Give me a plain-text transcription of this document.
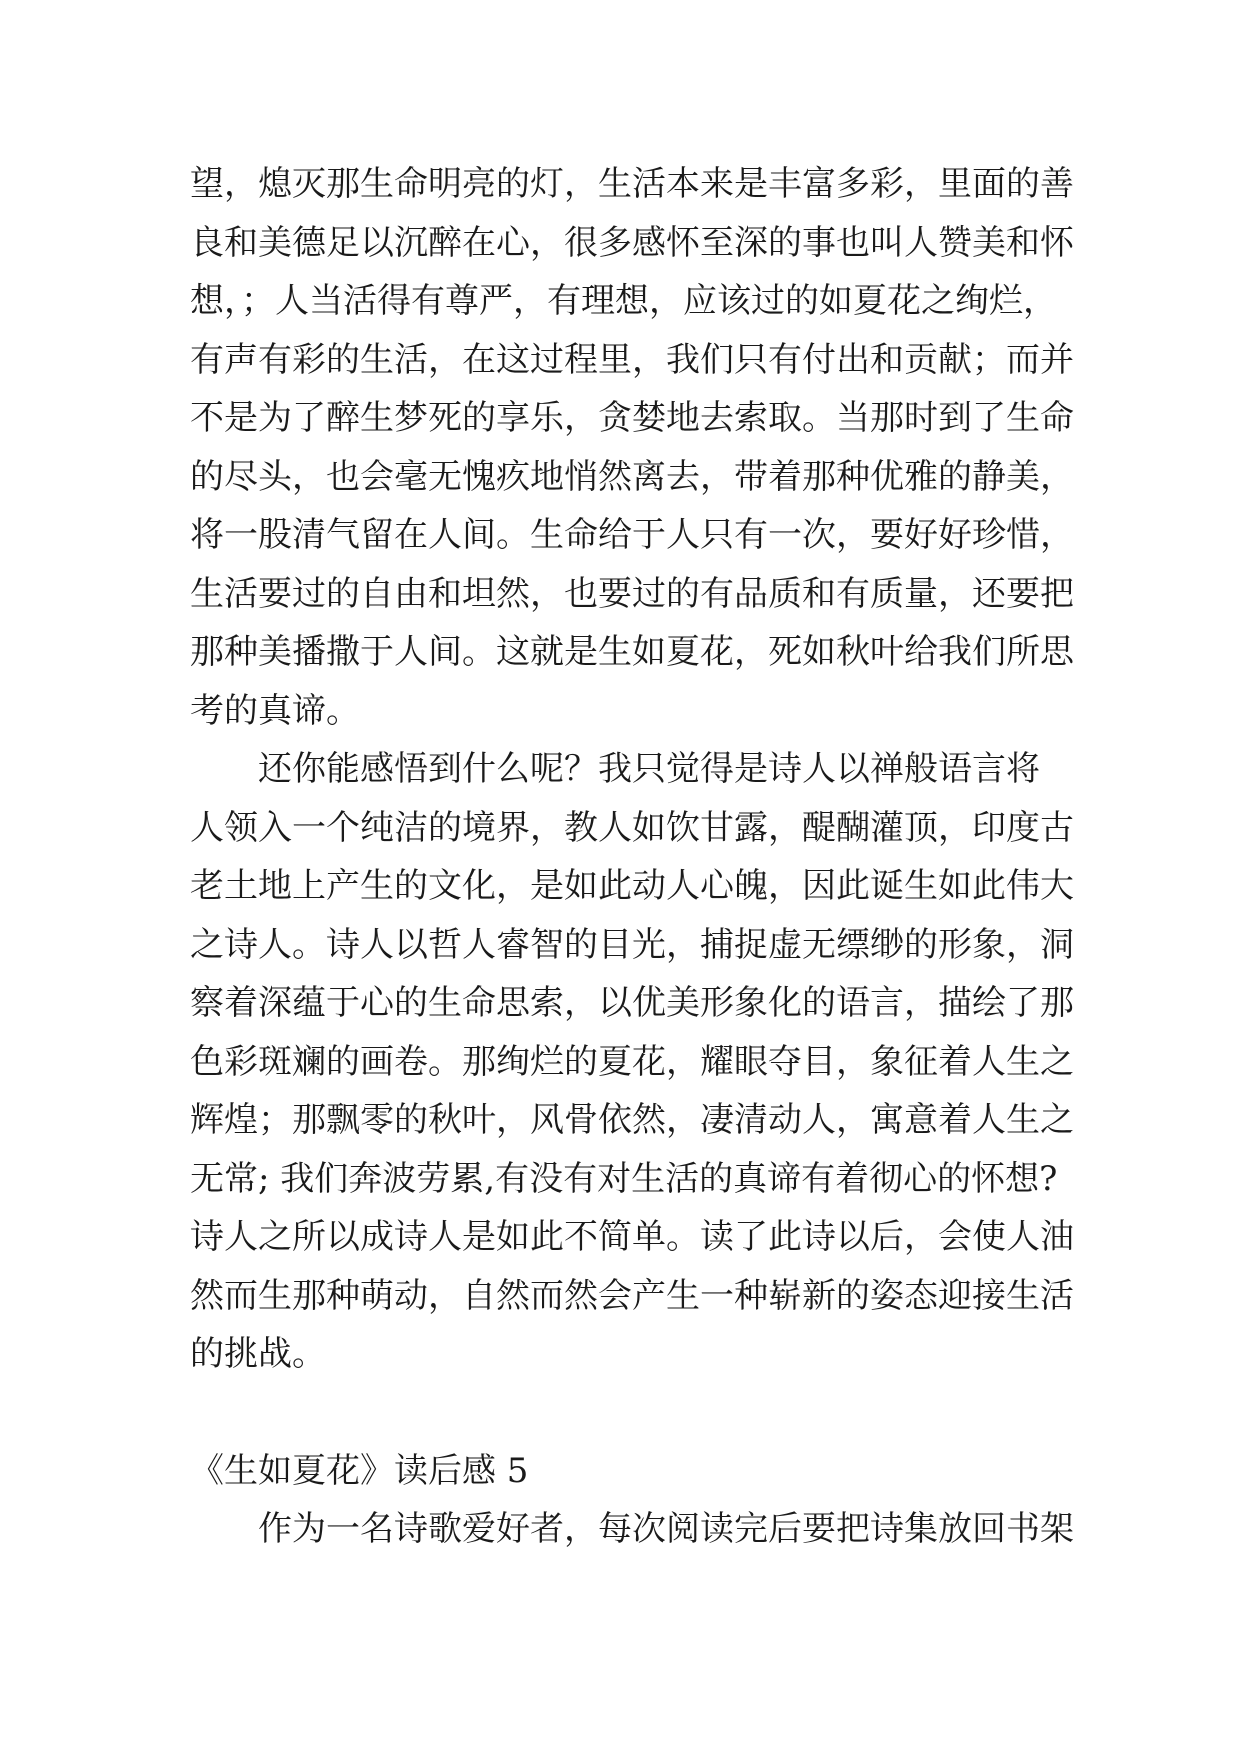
望，熄灭那生命明亮的灯，生活本来是丰富多彩，里面的善
良和美德足以沉醉在心，很多感怀至深的事也叫人赞美和怀
想，；人当活得有尊严，有理想，应该过的如夏花之绚烂，
有声有彩的生活，在这过程里，我们只有付出和贡献；而并
不是为了醉生梦死的享乐，贪婪地去索取。当那时到了生命
的尽头，也会毫无愧疚地悄然离去，带着那种优雅的静美，
将一股清气留在人间。生命给于人只有一次，要好好珍惜，
生活要过的自由和坦然，也要过的有品质和有质量，还要把
那种美播撒于人间。这就是生如夏花，死如秋叶给我们所思
考的真谛。
　　还你能感悟到什么呢？我只觉得是诗人以禅般语言将
人领入一个纯洁的境界，教人如饮甘露，醍醐灌顶，印度古
老土地上产生的文化，是如此动人心魄，因此诞生如此伟大
之诗人。诗人以哲人睿智的目光，捕捉虚无缥缈的形象，洞
察着深蕴于心的生命思索，以优美形象化的语言，描绘了那
色彩斑斓的画卷。那绚烂的夏花，耀眼夺目，象征着人生之
辉煌；那飘零的秋叶，风骨依然，凄清动人，寓意着人生之
无常; 我们奔波劳累,有没有对生活的真谛有着彻心的怀想?
诗人之所以成诗人是如此不简单。读了此诗以后，会使人油
然而生那种萌动，自然而然会产生一种崭新的姿态迎接生活
的挑战。
《生如夏花》读后感 5
　　作为一名诗歌爱好者，每次阅读完后要把诗集放回书架
